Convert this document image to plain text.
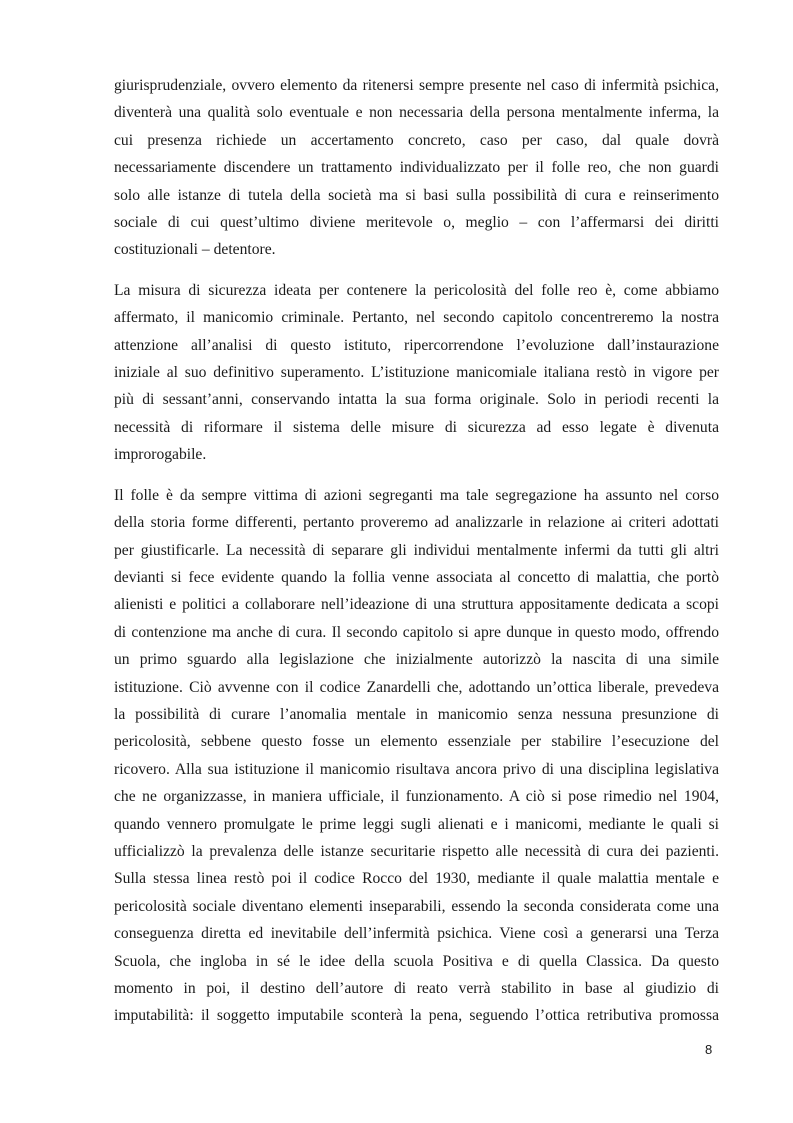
giurisprudenziale, ovvero elemento da ritenersi sempre presente nel caso di infermità psichica,
diventerà una qualità solo eventuale e non necessaria della persona mentalmente inferma, la
cui presenza richiede un accertamento concreto, caso per caso, dal quale dovrà
necessariamente discendere un trattamento individualizzato per il folle reo, che non guardi
solo alle istanze di tutela della società ma si basi sulla possibilità di cura e reinserimento
sociale di cui quest’ultimo diviene meritevole o, meglio – con l’affermarsi dei diritti
costituzionali – detentore.

La misura di sicurezza ideata per contenere la pericolosità del folle reo è, come abbiamo
affermato, il manicomio criminale. Pertanto, nel secondo capitolo concentreremo la nostra
attenzione all’analisi di questo istituto, ripercorrendone l’evoluzione dall’instaurazione
iniziale al suo definitivo superamento. L’istituzione manicomiale italiana restò in vigore per
più di sessant’anni, conservando intatta la sua forma originale. Solo in periodi recenti la
necessità di riformare il sistema delle misure di sicurezza ad esso legate è divenuta
improrogabile.

Il folle è da sempre vittima di azioni segreganti ma tale segregazione ha assunto nel corso
della storia forme differenti, pertanto proveremo ad analizzarle in relazione ai criteri adottati
per giustificarle. La necessità di separare gli individui mentalmente infermi da tutti gli altri
devianti si fece evidente quando la follia venne associata al concetto di malattia, che portò
alienisti e politici a collaborare nell’ideazione di una struttura appositamente dedicata a scopi
di contenzione ma anche di cura. Il secondo capitolo si apre dunque in questo modo, offrendo
un primo sguardo alla legislazione che inizialmente autorizzò la nascita di una simile
istituzione. Ciò avvenne con il codice Zanardelli che, adottando un’ottica liberale, prevedeva
la possibilità di curare l’anomalia mentale in manicomio senza nessuna presunzione di
pericolosità, sebbene questo fosse un elemento essenziale per stabilire l’esecuzione del
ricovero. Alla sua istituzione il manicomio risultava ancora privo di una disciplina legislativa
che ne organizzasse, in maniera ufficiale, il funzionamento. A ciò si pose rimedio nel 1904,
quando vennero promulgate le prime leggi sugli alienati e i manicomi, mediante le quali si
ufficializzò la prevalenza delle istanze securitarie rispetto alle necessità di cura dei pazienti.
Sulla stessa linea restò poi il codice Rocco del 1930, mediante il quale malattia mentale e
pericolosità sociale diventano elementi inseparabili, essendo la seconda considerata come una
conseguenza diretta ed inevitabile dell’infermità psichica. Viene così a generarsi una Terza
Scuola, che ingloba in sé le idee della scuola Positiva e di quella Classica. Da questo
momento in poi, il destino dell’autore di reato verrà stabilito in base al giudizio di
imputabilità: il soggetto imputabile sconterà la pena, seguendo l’ottica retributiva promossa

8
